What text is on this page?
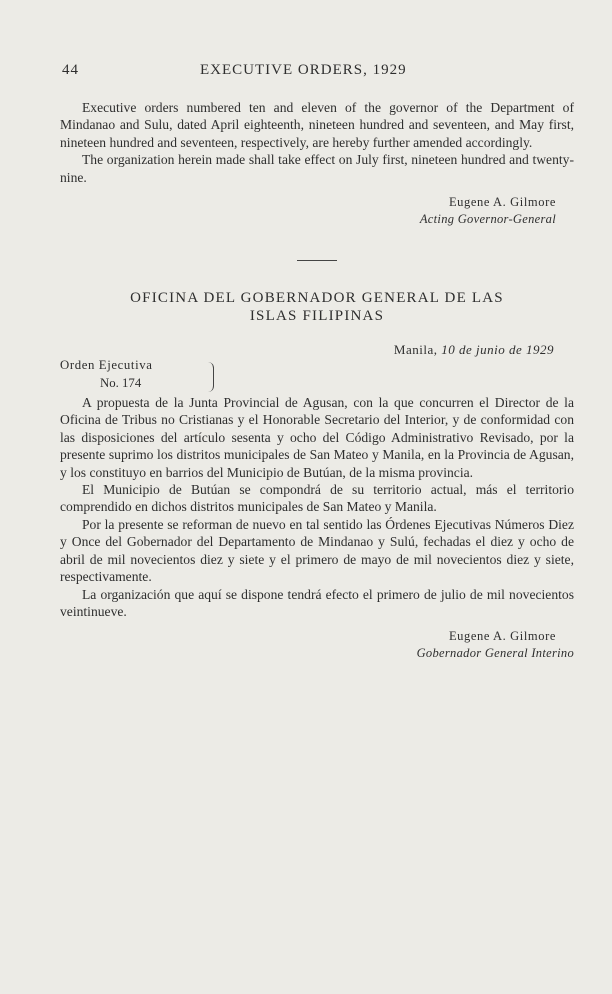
44	EXECUTIVE ORDERS, 1929

Executive orders numbered ten and eleven of the governor of the Department of Mindanao and Sulu, dated April eighteenth, nineteen hundred and seventeen, and May first, nineteen hundred and seventeen, respectively, are hereby further amended accordingly.

The organization herein made shall take effect on July first, nineteen hundred and twenty-nine.

Eugene A. Gilmore

Acting Governor-General

OFICINA DEL GOBERNADOR GENERAL DE LAS
ISLAS FILIPINAS

Manila, 10 de junio de 1929

Orden Ejecutiva
No. 174

A propuesta de la Junta Provincial de Agusan, con la que concurren el Director de la Oficina de Tribus no Cristianas y el Honorable Secretario del Interior, y de conformidad con las disposiciones del artículo sesenta y ocho del Código Administrativo Revisado, por la presente suprimo los distritos municipales de San Mateo y Manila, en la Provincia de Agusan, y los constituyo en barrios del Municipio de Butúan, de la misma provincia.

El Municipio de Butúan se compondrá de su territorio actual, más el territorio comprendido en dichos distritos municipales de San Mateo y Manila.

Por la presente se reforman de nuevo en tal sentido las Órdenes Ejecutivas Números Diez y Once del Gobernador del Departamento de Mindanao y Sulú, fechadas el diez y ocho de abril de mil novecientos diez y siete y el primero de mayo de mil novecientos diez y siete, respectivamente.

La organización que aquí se dispone tendrá efecto el primero de julio de mil novecientos veintinueve.

Eugene A. Gilmore

Gobernador General Interino
